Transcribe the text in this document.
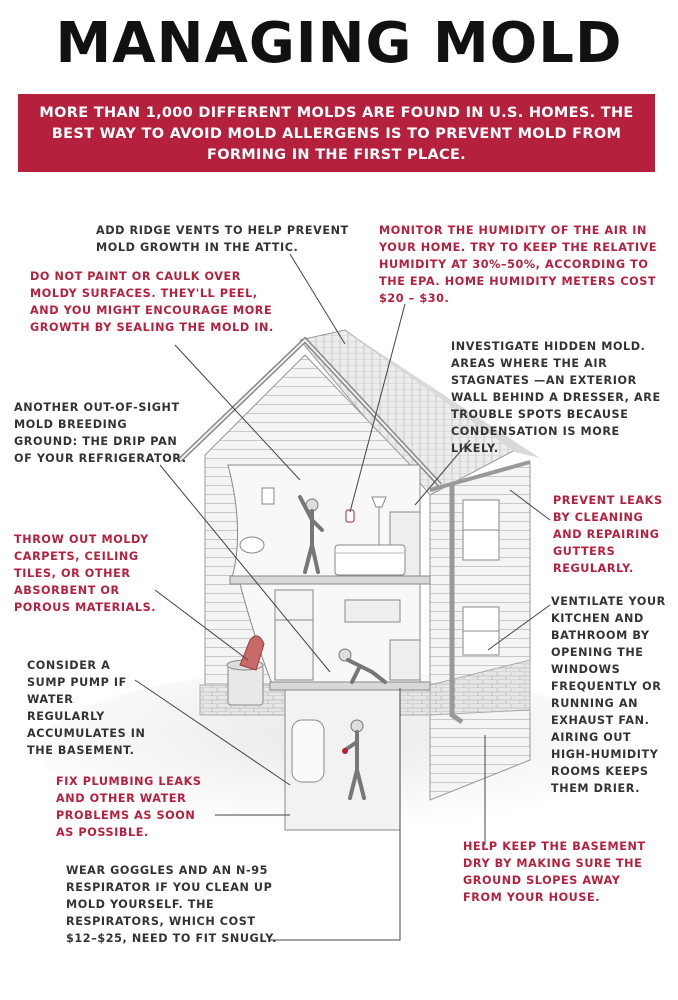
MANAGING MOLD
MORE THAN 1,000 DIFFERENT MOLDS ARE FOUND IN U.S. HOMES. THE BEST WAY TO AVOID MOLD ALLERGENS IS TO PREVENT MOLD FROM FORMING IN THE FIRST PLACE.
ADD RIDGE VENTS TO HELP PREVENT MOLD GROWTH IN THE ATTIC.
MONITOR THE HUMIDITY OF THE AIR IN YOUR HOME. TRY TO KEEP THE RELATIVE HUMIDITY AT 30%–50%, ACCORDING TO THE EPA. HOME HUMIDITY METERS COST $20 – $30.
DO NOT PAINT OR CAULK OVER MOLDY SURFACES. THEY'LL PEEL, AND YOU MIGHT ENCOURAGE MORE GROWTH BY SEALING THE MOLD IN.
INVESTIGATE HIDDEN MOLD. AREAS WHERE THE AIR STAGNATES —AN EXTERIOR WALL BEHIND A DRESSER, ARE TROUBLE SPOTS BECAUSE CONDENSATION IS MORE LIKELY.
ANOTHER OUT-OF-SIGHT MOLD BREEDING GROUND: THE DRIP PAN OF YOUR REFRIGERATOR.
PREVENT LEAKS BY CLEANING AND REPAIRING GUTTERS REGULARLY.
THROW OUT MOLDY CARPETS, CEILING TILES, OR OTHER ABSORBENT OR POROUS MATERIALS.	VENTILATE YOUR KITCHEN AND BATHROOM BY OPENING THE WINDOWS FREQUENTLY OR RUNNING AN EXHAUST FAN. AIRING OUT HIGH-HUMIDITY ROOMS KEEPS THEM DRIER.
CONSIDER A SUMP PUMP IF WATER REGULARLY ACCUMULATES IN THE BASEMENT.
FIX PLUMBING LEAKS AND OTHER WATER PROBLEMS AS SOON AS POSSIBLE.
HELP KEEP THE BASEMENT DRY BY MAKING SURE THE GROUND SLOPES AWAY FROM YOUR HOUSE.
WEAR GOGGLES AND AN N-95 RESPIRATOR IF YOU CLEAN UP MOLD YOURSELF. THE RESPIRATORS, WHICH COST $12–$25, NEED TO FIT SNUGLY.
